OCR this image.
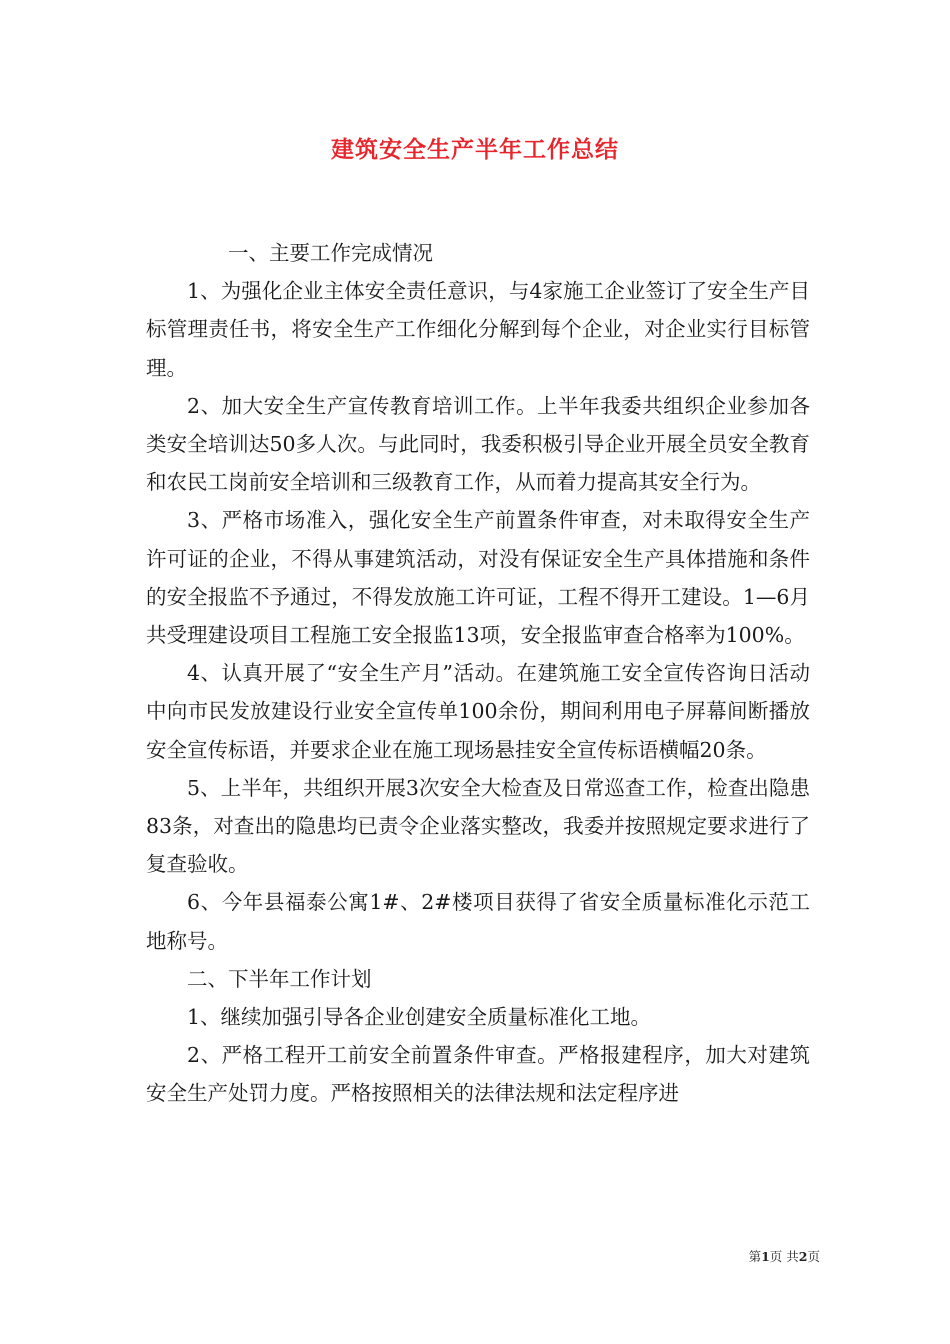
建筑安全生产半年工作总结

一、主要工作完成情况

1、为强化企业主体安全责任意识，与4家施工企业签订了安全生产目标管理责任书，将安全生产工作细化分解到每个企业，对企业实行目标管理。

2、加大安全生产宣传教育培训工作。上半年我委共组织企业参加各类安全培训达50多人次。与此同时，我委积极引导企业开展全员安全教育和农民工岗前安全培训和三级教育工作，从而着力提高其安全行为。

3、严格市场准入，强化安全生产前置条件审查，对未取得安全生产许可证的企业，不得从事建筑活动，对没有保证安全生产具体措施和条件的安全报监不予通过，不得发放施工许可证，工程不得开工建设。1—6月共受理建设项目工程施工安全报监13项，安全报监审查合格率为100%。

4、认真开展了“安全生产月”活动。在建筑施工安全宣传咨询日活动中向市民发放建设行业安全宣传单100余份，期间利用电子屏幕间断播放安全宣传标语，并要求企业在施工现场悬挂安全宣传标语横幅20条。

5、上半年，共组织开展3次安全大检查及日常巡查工作，检查出隐患83条，对查出的隐患均已责令企业落实整改，我委并按照规定要求进行了复查验收。

6、今年县福泰公寓1#、2#楼项目获得了省安全质量标准化示范工地称号。

二、下半年工作计划

1、继续加强引导各企业创建安全质量标准化工地。

2、严格工程开工前安全前置条件审查。严格报建程序，加大对建筑安全生产处罚力度。严格按照相关的法律法规和法定程序进

第1页 共2页
